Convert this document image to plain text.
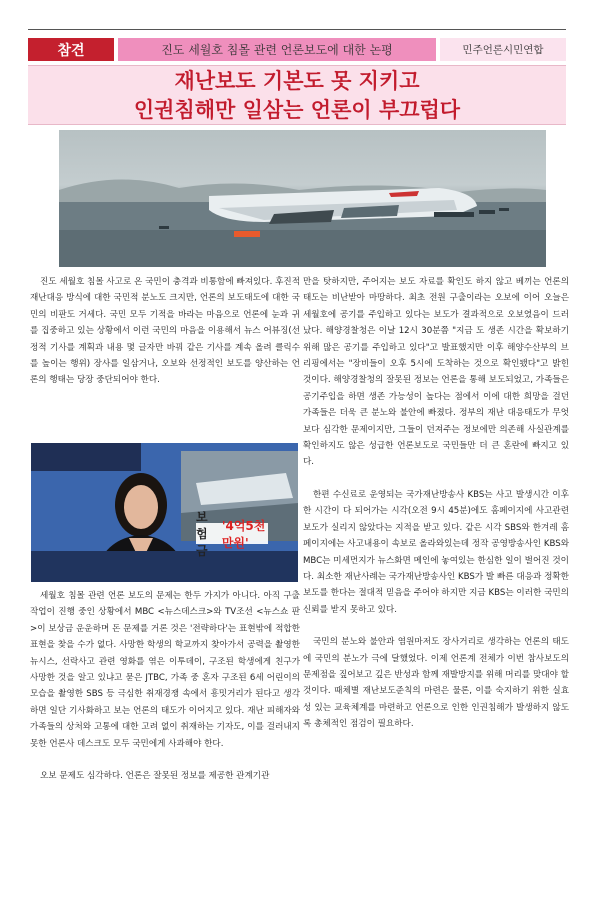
참견	진도 세월호 침몰 관련 언론보도에 대한 논평	민주언론시민연합
재난보도 기본도 못 지키고
인권침해만 일삼는 언론이 부끄럽다

진도 세월호 침몰 사고로 온 국민이 충격과 비통함에 빠져있다. 후진적 재난대응 방식에 대한 국민적 분노도 크지만, 언론의 보도태도에 대한 국민의 비판도 거세다. 국민 모두 기적을 바라는 마음으로 언론에 눈과 귀를 집중하고 있는 상황에서 이런 국민의 마음을 이용해서 뉴스 어뷰징(선정적 기사를 계획과 내용 몇 글자만 바꿔 같은 기사를 계속 올려 클릭수를 높이는 행위) 장사를 일삼거나, 오보와 선정적인 보도를 양산하는 언론의 행태는 당장 중단되어야 한다.

조선 LIVE
보험금
'4억5천만원'

세월호 침몰 관련 언론 보도의 문제는 한두 가지가 아니다. 아직 구출작업이 진행 중인 상황에서 MBC <뉴스데스크>와 TV조선 <뉴스쇼 판>이 보상금 운운하며 돈 문제를 거론 것은 '전략하다'는 표현밖에 적합한 표현을 찾을 수가 없다. 사망한 학생의 학교까지 찾아가서 공력을 촬영한 뉴시스, 선락사고 관련 영화를 엮은 이투데이, 구조된 학생에게 친구가 사망한 것을 알고 있냐고 묻은 JTBC, 가족 중 혼자 구조된 6세 어린이의 모습을 촬영한 SBS 등 극심한 취재경쟁 속에서 흥밋거리가 된다고 생각하면 일단 기사화하고 보는 언론의 태도가 이어지고 있다. 재난 피해자와 가족들의 상처와 고통에 대한 고려 없이 취재하는 기자도, 이를 걸러내지 못한 언론사 데스크도 모두 국민에게 사과해야 한다.

오보 문제도 심각하다. 언론은 잘못된 정보를 제공한 관계기관

만을 탓하지만, 주어지는 보도 자료를 확인도 하지 않고 베끼는 언론의 태도는 비난받아 마땅하다. 최초 전원 구출이라는 오보에 이어 오늘은 세월호에 공기를 주입하고 있다는 보도가 결과적으로 오보였음이 드러났다. 해양경찰청은 이날 12시 30분쯤 "지금 도 생존 시간을 확보하기 위해 많은 공기를 주입하고 있다"고 발표했지만 이후 해양수산부의 브리핑에서는 "장비들이 오후 5시에 도착하는 것으로 확인됐다"고 밝힌 것이다. 해양경찰청의 잘못된 정보는 언론을 통해 보도되었고, 가족들은 공기주입을 하면 생존 가능성이 높다는 점에서 이에 대한 희망을 걸던 가족들은 더욱 큰 분노와 불안에 빠졌다. 정부의 재난 대응태도가 무엇보다 심각한 문제이지만, 그들이 던져주는 정보에만 의존해 사실관계를 확인하지도 않은 성급한 언론보도로 국민들만 더 큰 혼란에 빠지고 있다.

한편 수신료로 운영되는 국가재난방송사 KBS는 사고 발생시간 이후 한 시간이 다 되어가는 시각(오전 9시 45분)에도 홈페이지에 사고관련 보도가 실리지 않았다는 지적을 받고 있다. 같은 시각 SBS와 한겨레 홈페이지에는 사고내용이 속보로 올라와있는데 정작 공영방송사인 KBS와 MBC는 미세먼지가 뉴스화면 메인에 놓여있는 한심한 일이 벌어진 것이다. 최소한 재난사례는 국가재난방송사인 KBS가 발 빠른 대응과 정확한 보도를 한다는 절대적 믿음을 주어야 하지만 지금 KBS는 이러한 국민의 신뢰를 받지 못하고 있다.

국민의 분노와 불안과 염원마저도 장사거리로 생각하는 언론의 태도에 국민의 분노가 극에 달했었다. 이제 언론계 전체가 이번 참사보도의 문제점을 짚어보고 깊은 반성과 함께 재발방지를 위해 머리를 맞대야 할 것이다. 때체별 재난보도준칙의 마련은 물론, 이를 숙지하기 위한 실효성 있는 교육체계를 마련하고 언론으로 인한 인권침해가 발생하지 않도록 총체적인 점검이 필요하다.
